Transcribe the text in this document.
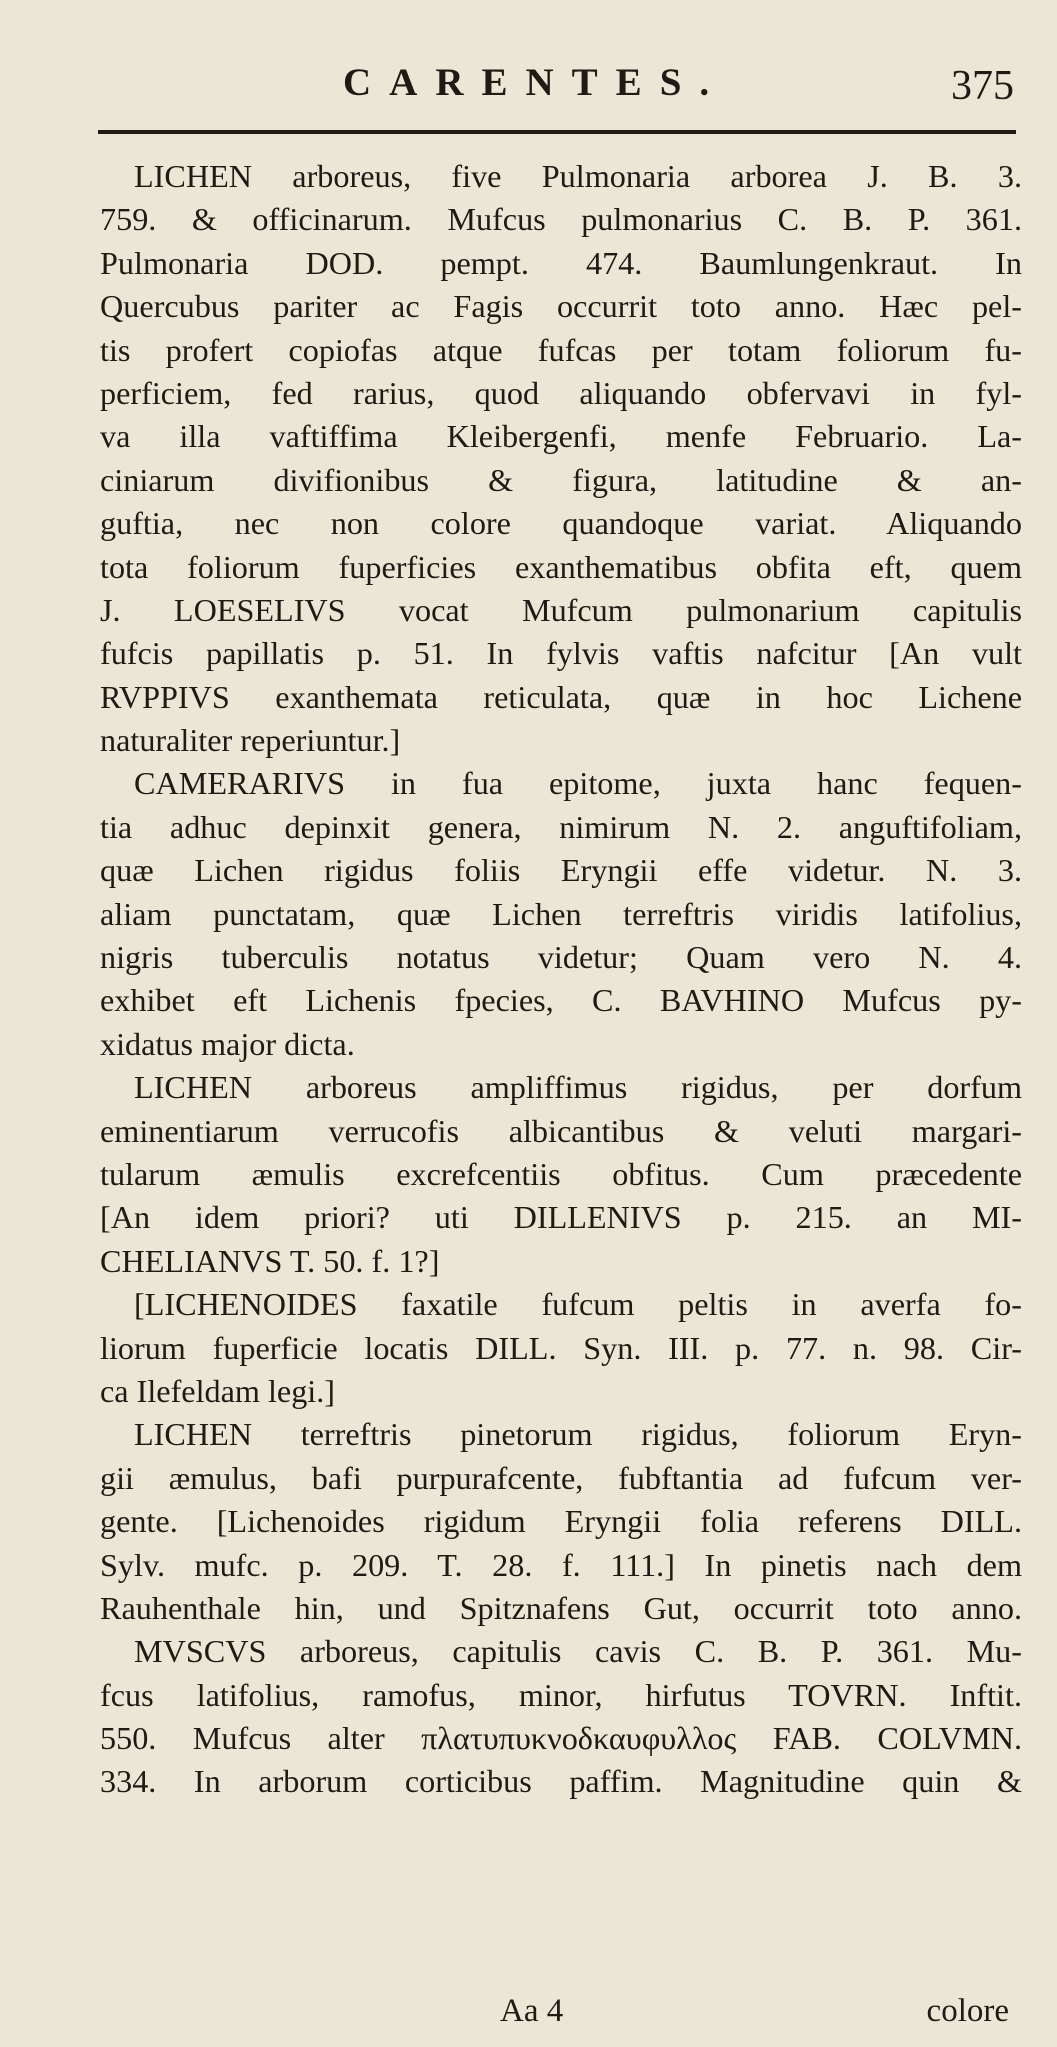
CARENTES.	375
LICHEN arboreus, five Pulmonaria arborea J. B. 3.
759. & officinarum. Mufcus pulmonarius C. B. P. 361.
Pulmonaria DOD. pempt. 474. Baumlungenkraut. In
Quercubus pariter ac Fagis occurrit toto anno. Hæc pel-
tis profert copiofas atque fufcas per totam foliorum fu-
perficiem, fed rarius, quod aliquando obfervavi in fyl-
va illa vaftiffima Kleibergenfi, menfe Februario. La-
ciniarum divifionibus & figura, latitudine & an-
guftia, nec non colore quandoque variat. Aliquando
tota foliorum fuperficies exanthematibus obfita eft, quem
J. LOESELIVS vocat Mufcum pulmonarium capitulis
fufcis papillatis p. 51. In fylvis vaftis nafcitur [An vult
RVPPIVS exanthemata reticulata, quæ in hoc Lichene
naturaliter reperiuntur.]
CAMERARIVS in fua epitome, juxta hanc fequen-
tia adhuc depinxit genera, nimirum N. 2. anguftifoliam,
quæ Lichen rigidus foliis Eryngii effe videtur. N. 3.
aliam punctatam, quæ Lichen terreftris viridis latifolius,
nigris tuberculis notatus videtur; Quam vero N. 4.
exhibet eft Lichenis fpecies, C. BAVHINO Mufcus py-
xidatus major dicta.
LICHEN arboreus ampliffimus rigidus, per dorfum
eminentiarum verrucofis albicantibus & veluti margari-
tularum æmulis excrefcentiis obfitus. Cum præcedente
[An idem priori? uti DILLENIVS p. 215. an MI-
CHELIANVS T. 50. f. 1?]
[LICHENOIDES faxatile fufcum peltis in averfa fo-
liorum fuperficie locatis DILL. Syn. III. p. 77. n. 98. Cir-
ca Ilefeldam legi.]
LICHEN terreftris pinetorum rigidus, foliorum Eryn-
gii æmulus, bafi purpurafcente, fubftantia ad fufcum ver-
gente. [Lichenoides rigidum Eryngii folia referens DILL.
Sylv. mufc. p. 209. T. 28. f. 111.] In pinetis nach dem
Rauhenthale hin, und Spitznafens Gut, occurrit toto anno.
MVSCVS arboreus, capitulis cavis C. B. P. 361. Mu-
fcus latifolius, ramofus, minor, hirfutus TOVRN. Inftit.
550. Mufcus alter πλατυπυκνοδκαυφυλλος FAB. COLVMN.
334. In arborum corticibus paffim. Magnitudine quin &
Aa 4	colore
